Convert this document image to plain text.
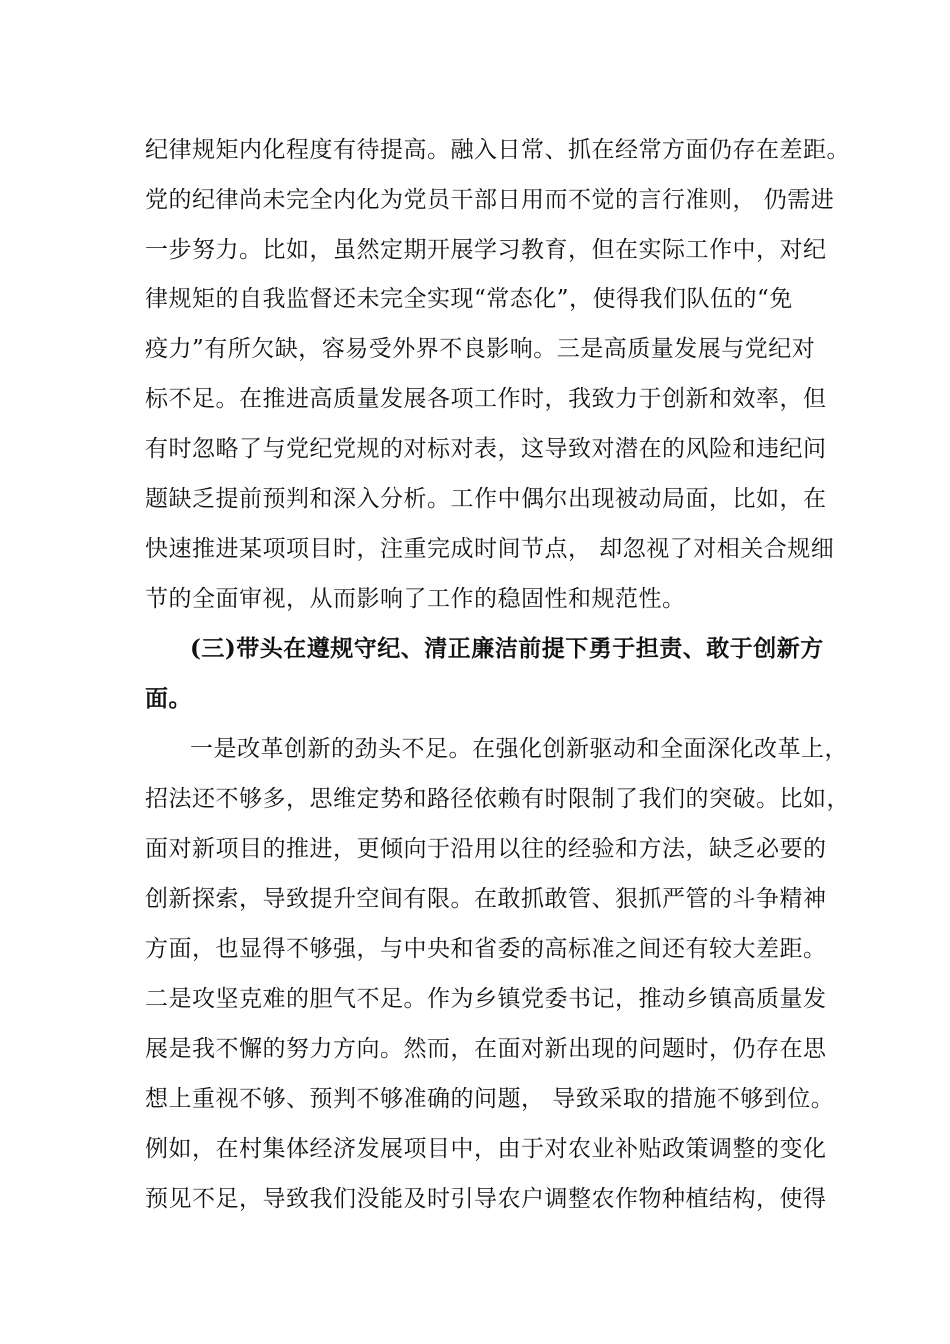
纪律规矩内化程度有待提高。融入日常、抓在经常方面仍存在差距。
党的纪律尚未完全内化为党员干部日用而不觉的言行准则， 仍需进
一步努力。比如，虽然定期开展学习教育，但在实际工作中，对纪
律规矩的自我监督还未完全实现“常态化”，使得我们队伍的“免
疫力”有所欠缺，容易受外界不良影响。三是高质量发展与党纪对
标不足。在推进高质量发展各项工作时，我致力于创新和效率，但
有时忽略了与党纪党规的对标对表，这导致对潜在的风险和违纪问
题缺乏提前预判和深入分析。工作中偶尔出现被动局面，比如，在
快速推进某项项目时，注重完成时间节点， 却忽视了对相关合规细
节的全面审视，从而影响了工作的稳固性和规范性。
(三)带头在遵规守纪、清正廉洁前提下勇于担责、敢于创新方
面。
一是改革创新的劲头不足。在强化创新驱动和全面深化改革上，
招法还不够多，思维定势和路径依赖有时限制了我们的突破。比如，
面对新项目的推进，更倾向于沿用以往的经验和方法，缺乏必要的
创新探索，导致提升空间有限。在敢抓敢管、狠抓严管的斗争精神
方面，也显得不够强，与中央和省委的高标准之间还有较大差距。
二是攻坚克难的胆气不足。作为乡镇党委书记，推动乡镇高质量发
展是我不懈的努力方向。然而，在面对新出现的问题时，仍存在思
想上重视不够、预判不够准确的问题， 导致采取的措施不够到位。
例如，在村集体经济发展项目中，由于对农业补贴政策调整的变化
预见不足，导致我们没能及时引导农户调整农作物种植结构，使得
